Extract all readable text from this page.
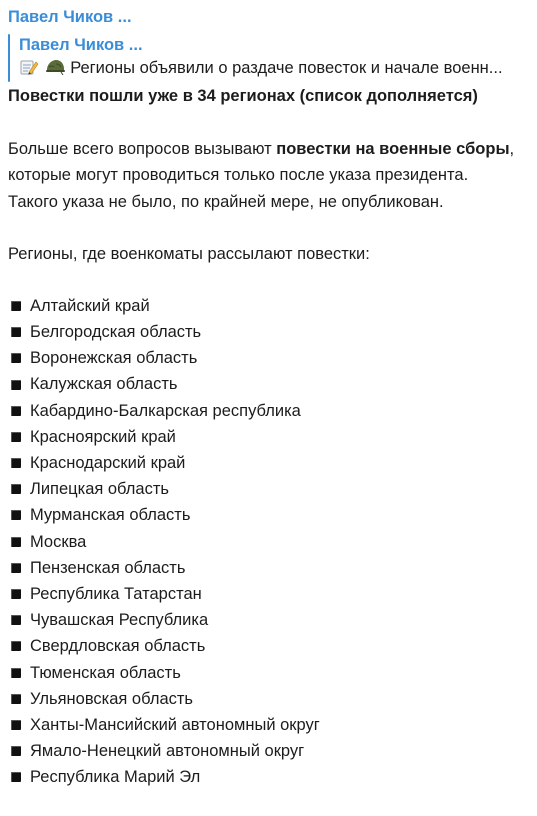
Павел Чиков ...
Павел Чиков ...
Регионы объявили о раздаче повесток и начале военн...
Повестки пошли уже в 34 регионах (список дополняется)
Больше всего вопросов вызывают повестки на военные сборы, которые могут проводиться только после указа президента. Такого указа не было, по крайней мере, не опубликован.
Регионы, где военкоматы рассылают повестки:
Алтайский край
Белгородская область
Воронежская область
Калужская область
Кабардино-Балкарская республика
Красноярский край
Краснодарский край
Липецкая область
Мурманская область
Москва
Пензенская область
Республика Татарстан
Чувашская Республика
Свердловская область
Тюменская область
Ульяновская область
Ханты-Мансийский автономный округ
Ямало-Ненецкий автономный округ
Республика Марий Эл
